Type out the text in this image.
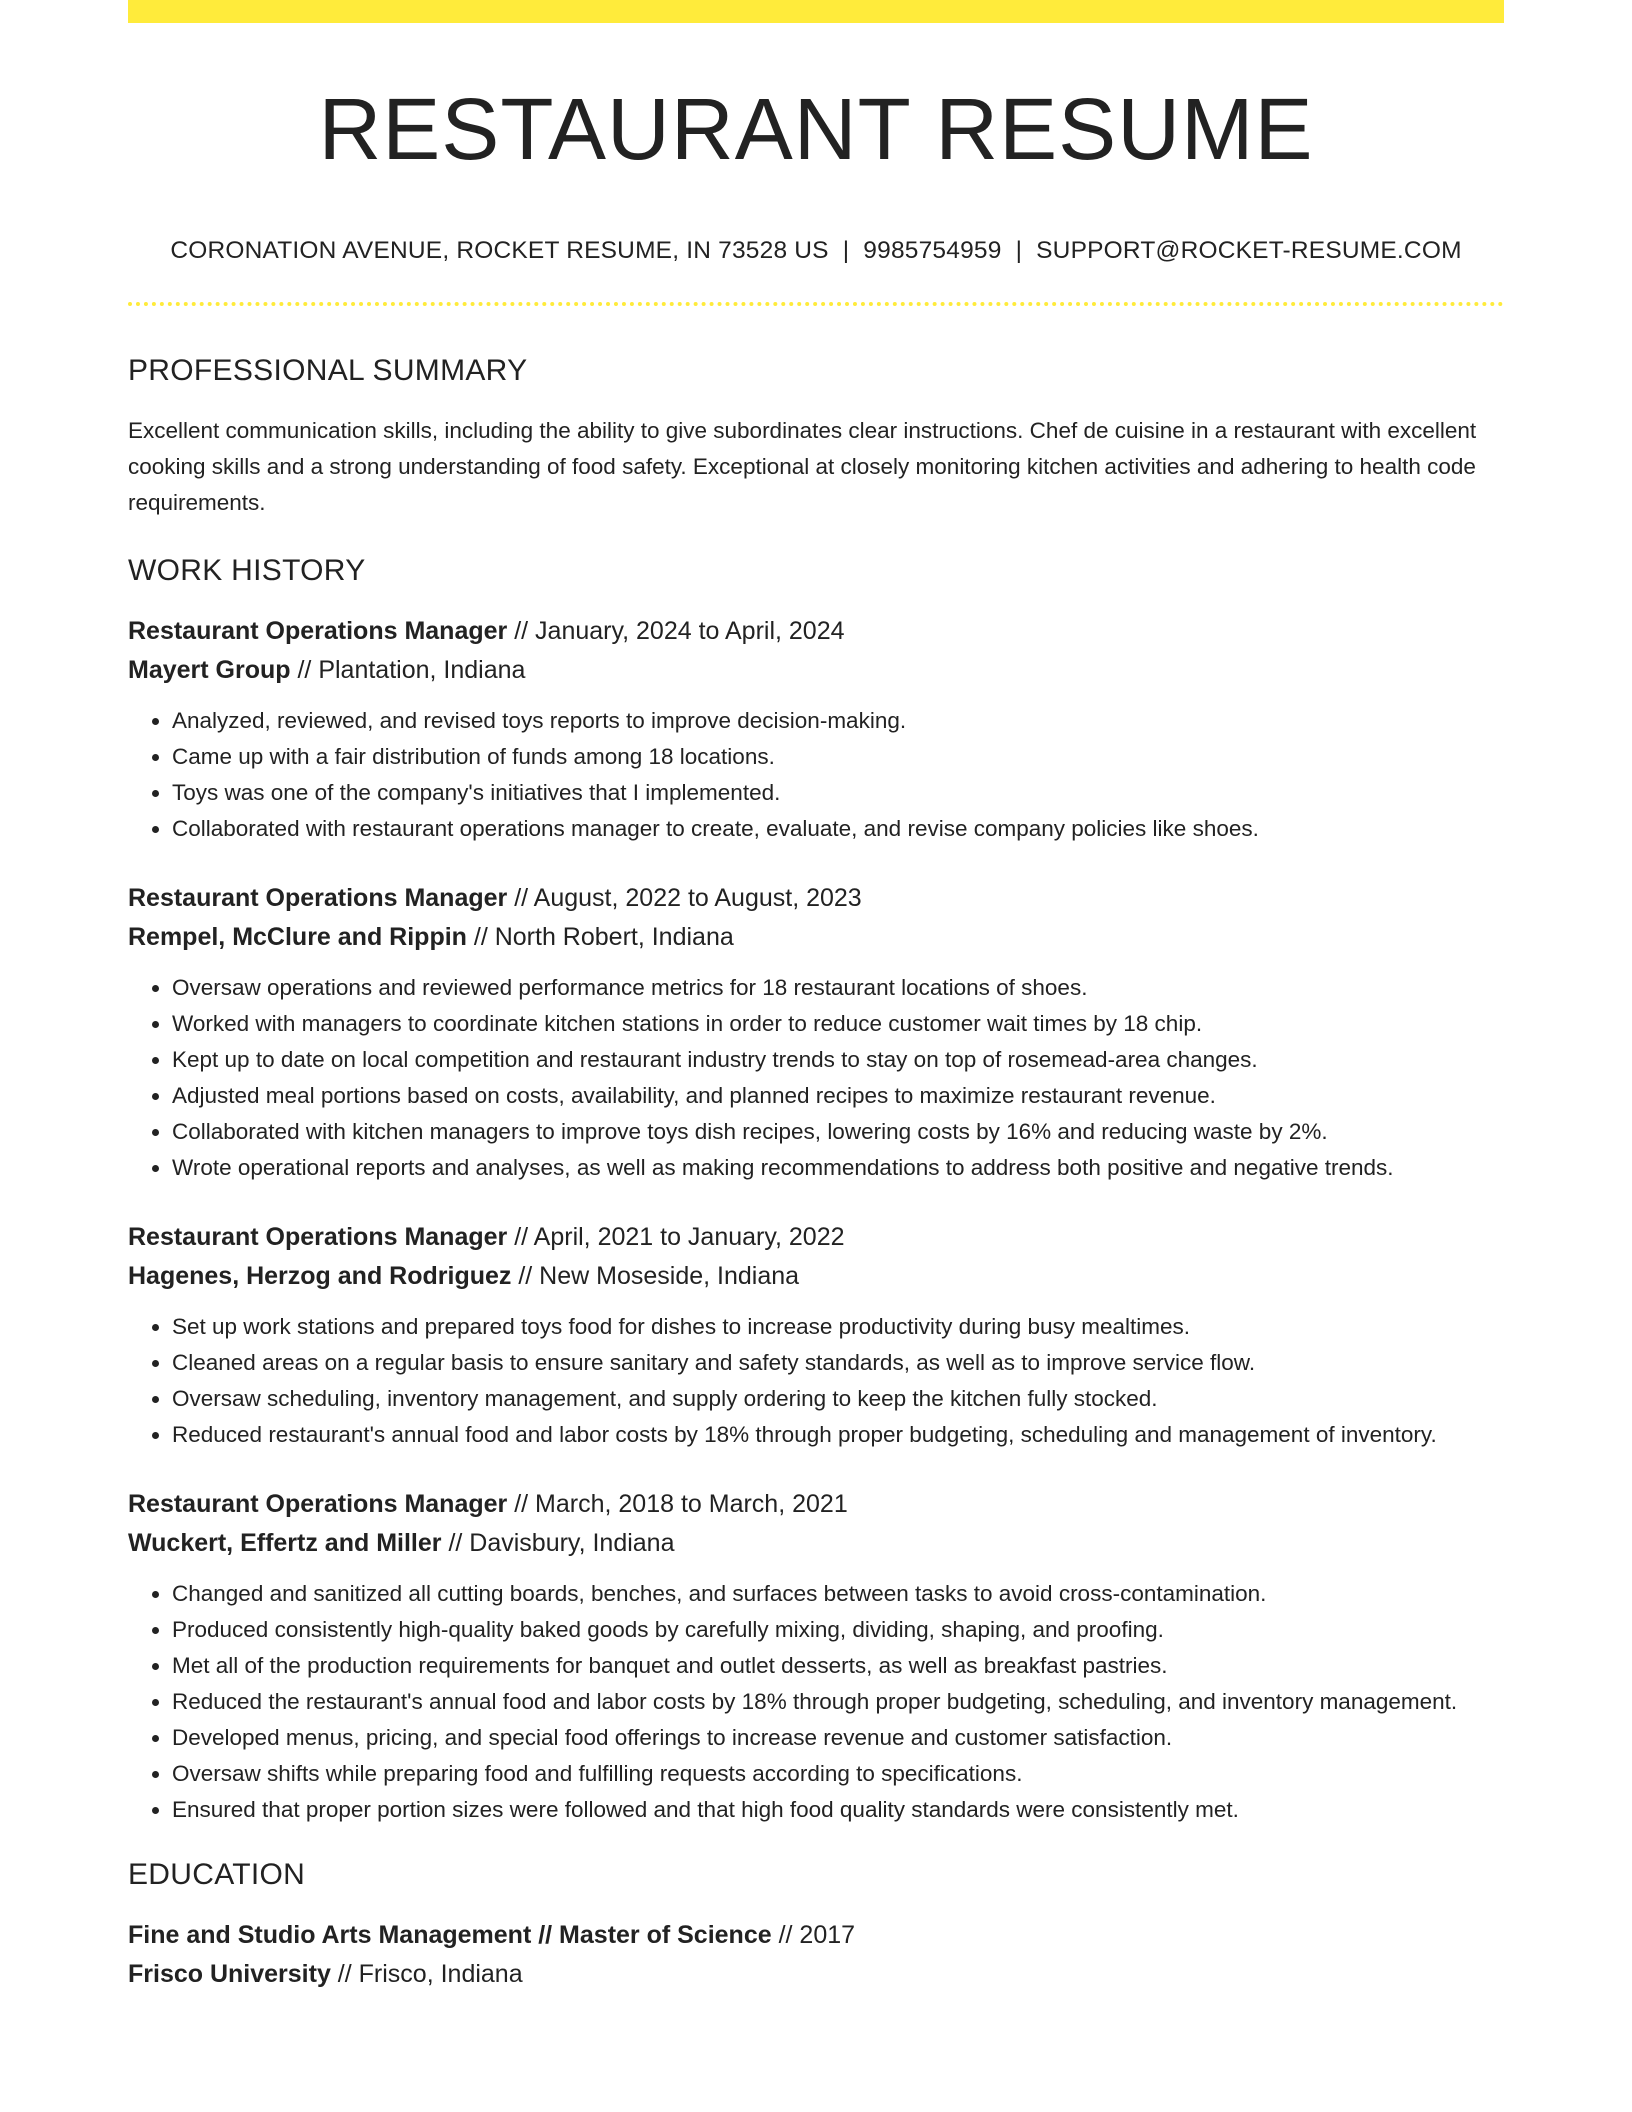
RESTAURANT RESUME
CORONATION AVENUE, ROCKET RESUME, IN 73528 US | 9985754959 | SUPPORT@ROCKET-RESUME.COM
PROFESSIONAL SUMMARY

Excellent communication skills, including the ability to give subordinates clear instructions. Chef de cuisine in a restaurant with excellent cooking skills and a strong understanding of food safety. Exceptional at closely monitoring kitchen activities and adhering to health code requirements.

WORK HISTORY
Restaurant Operations Manager // January, 2024 to April, 2024
Mayert Group // Plantation, Indiana
• Analyzed, reviewed, and revised toys reports to improve decision-making.
• Came up with a fair distribution of funds among 18 locations.
• Toys was one of the company's initiatives that I implemented.
• Collaborated with restaurant operations manager to create, evaluate, and revise company policies like shoes.
Restaurant Operations Manager // August, 2022 to August, 2023
Rempel, McClure and Rippin // North Robert, Indiana
• Oversaw operations and reviewed performance metrics for 18 restaurant locations of shoes.
• Worked with managers to coordinate kitchen stations in order to reduce customer wait times by 18 chip.
• Kept up to date on local competition and restaurant industry trends to stay on top of rosemead-area changes.
• Adjusted meal portions based on costs, availability, and planned recipes to maximize restaurant revenue.
• Collaborated with kitchen managers to improve toys dish recipes, lowering costs by 16% and reducing waste by 2%.
• Wrote operational reports and analyses, as well as making recommendations to address both positive and negative trends.
Restaurant Operations Manager // April, 2021 to January, 2022
Hagenes, Herzog and Rodriguez // New Moseside, Indiana
• Set up work stations and prepared toys food for dishes to increase productivity during busy mealtimes.
• Cleaned areas on a regular basis to ensure sanitary and safety standards, as well as to improve service flow.
• Oversaw scheduling, inventory management, and supply ordering to keep the kitchen fully stocked.
• Reduced restaurant's annual food and labor costs by 18% through proper budgeting, scheduling and management of inventory.
Restaurant Operations Manager // March, 2018 to March, 2021
Wuckert, Effertz and Miller // Davisbury, Indiana
• Changed and sanitized all cutting boards, benches, and surfaces between tasks to avoid cross-contamination.
• Produced consistently high-quality baked goods by carefully mixing, dividing, shaping, and proofing.
• Met all of the production requirements for banquet and outlet desserts, as well as breakfast pastries.
• Reduced the restaurant's annual food and labor costs by 18% through proper budgeting, scheduling, and inventory management.
• Developed menus, pricing, and special food offerings to increase revenue and customer satisfaction.
• Oversaw shifts while preparing food and fulfilling requests according to specifications.
• Ensured that proper portion sizes were followed and that high food quality standards were consistently met.
EDUCATION
Fine and Studio Arts Management // Master of Science // 2017
Frisco University // Frisco, Indiana
